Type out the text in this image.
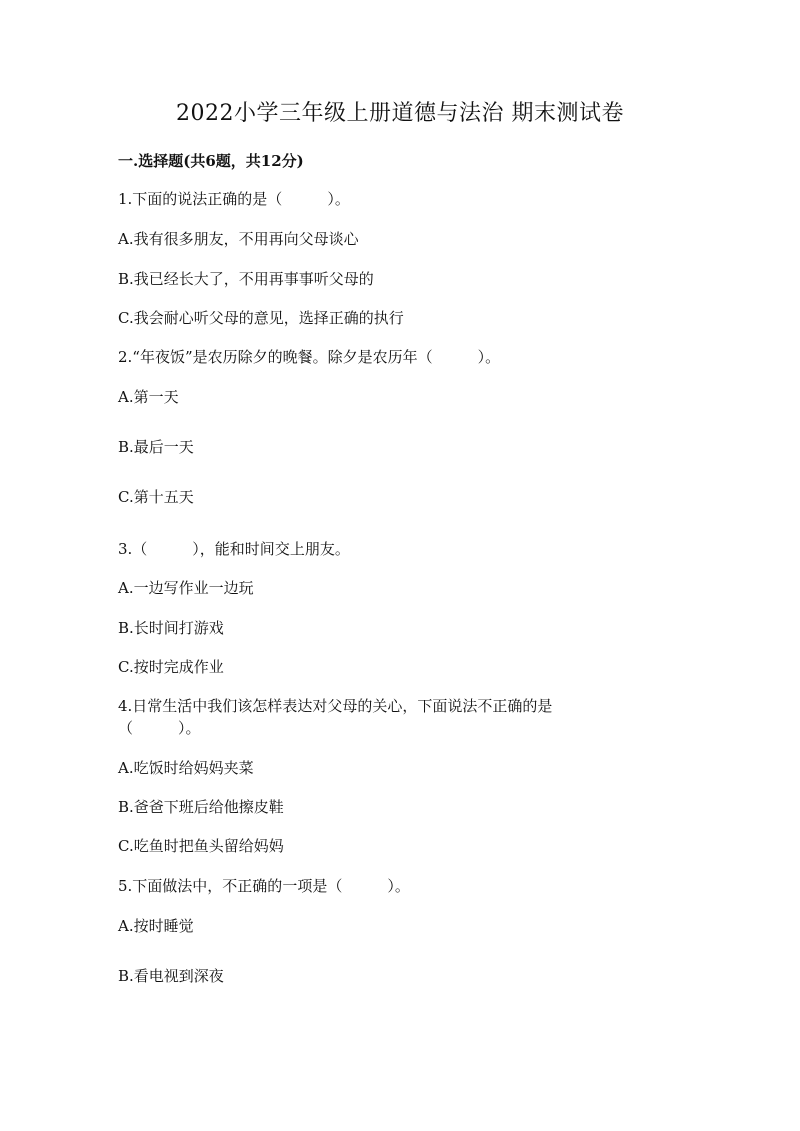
2022小学三年级上册道德与法治 期末测试卷
一.选择题(共6题，共12分)
1.下面的说法正确的是（　　　）。
A.我有很多朋友，不用再向父母谈心
B.我已经长大了，不用再事事听父母的
C.我会耐心听父母的意见，选择正确的执行
2.“年夜饭”是农历除夕的晚餐。除夕是农历年（　　　）。
A.第一天
B.最后一天
C.第十五天
3.（　　　），能和时间交上朋友。
A.一边写作业一边玩
B.长时间打游戏
C.按时完成作业
4.日常生活中我们该怎样表达对父母的关心，下面说法不正确的是
（　　　）。
A.吃饭时给妈妈夹菜
B.爸爸下班后给他擦皮鞋
C.吃鱼时把鱼头留给妈妈
5.下面做法中，不正确的一项是（　　　）。
A.按时睡觉
B.看电视到深夜
